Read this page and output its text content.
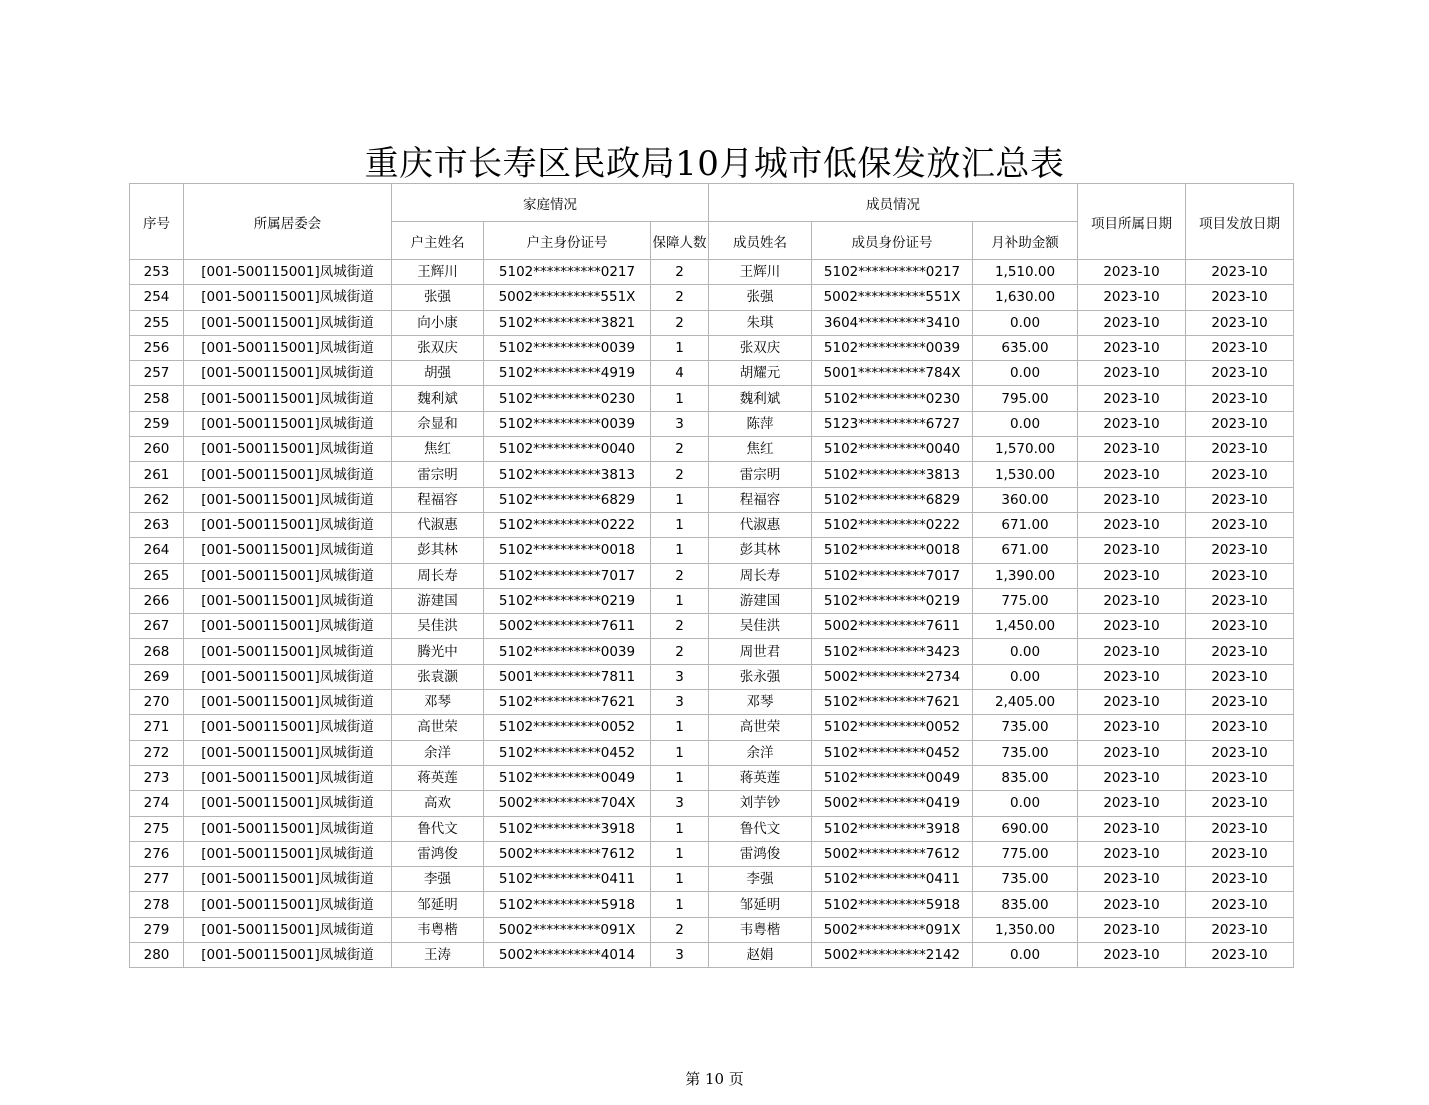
重庆市长寿区民政局10月城市低保发放汇总表
序号	所属居委会	家庭情况			成员情况			项目所属日期	项目发放日期
		户主姓名	户主身份证号	保障人数	成员姓名	成员身份证号	月补助金额		
253	[001-500115001]凤城街道	王辉川	5102**********0217	2	王辉川	5102**********0217	1,510.00	2023-10	2023-10
254	[001-500115001]凤城街道	张强	5002**********551X	2	张强	5002**********551X	1,630.00	2023-10	2023-10
255	[001-500115001]凤城街道	向小康	5102**********3821	2	朱琪	3604**********3410	0.00	2023-10	2023-10
256	[001-500115001]凤城街道	张双庆	5102**********0039	1	张双庆	5102**********0039	635.00	2023-10	2023-10
257	[001-500115001]凤城街道	胡强	5102**********4919	4	胡耀元	5001**********784X	0.00	2023-10	2023-10
258	[001-500115001]凤城街道	魏利斌	5102**********0230	1	魏利斌	5102**********0230	795.00	2023-10	2023-10
259	[001-500115001]凤城街道	佘显和	5102**********0039	3	陈萍	5123**********6727	0.00	2023-10	2023-10
260	[001-500115001]凤城街道	焦红	5102**********0040	2	焦红	5102**********0040	1,570.00	2023-10	2023-10
261	[001-500115001]凤城街道	雷宗明	5102**********3813	2	雷宗明	5102**********3813	1,530.00	2023-10	2023-10
262	[001-500115001]凤城街道	程福容	5102**********6829	1	程福容	5102**********6829	360.00	2023-10	2023-10
263	[001-500115001]凤城街道	代淑惠	5102**********0222	1	代淑惠	5102**********0222	671.00	2023-10	2023-10
264	[001-500115001]凤城街道	彭其林	5102**********0018	1	彭其林	5102**********0018	671.00	2023-10	2023-10
265	[001-500115001]凤城街道	周长寿	5102**********7017	2	周长寿	5102**********7017	1,390.00	2023-10	2023-10
266	[001-500115001]凤城街道	游建国	5102**********0219	1	游建国	5102**********0219	775.00	2023-10	2023-10
267	[001-500115001]凤城街道	吴佳洪	5002**********7611	2	吴佳洪	5002**********7611	1,450.00	2023-10	2023-10
268	[001-500115001]凤城街道	腾光中	5102**********0039	2	周世君	5102**********3423	0.00	2023-10	2023-10
269	[001-500115001]凤城街道	张袁灏	5001**********7811	3	张永强	5002**********2734	0.00	2023-10	2023-10
270	[001-500115001]凤城街道	邓琴	5102**********7621	3	邓琴	5102**********7621	2,405.00	2023-10	2023-10
271	[001-500115001]凤城街道	高世荣	5102**********0052	1	高世荣	5102**********0052	735.00	2023-10	2023-10
272	[001-500115001]凤城街道	余洋	5102**********0452	1	余洋	5102**********0452	735.00	2023-10	2023-10
273	[001-500115001]凤城街道	蒋英莲	5102**********0049	1	蒋英莲	5102**********0049	835.00	2023-10	2023-10
274	[001-500115001]凤城街道	高欢	5002**********704X	3	刘芋钞	5002**********0419	0.00	2023-10	2023-10
275	[001-500115001]凤城街道	鲁代文	5102**********3918	1	鲁代文	5102**********3918	690.00	2023-10	2023-10
276	[001-500115001]凤城街道	雷鸿俊	5002**********7612	1	雷鸿俊	5002**********7612	775.00	2023-10	2023-10
277	[001-500115001]凤城街道	李强	5102**********0411	1	李强	5102**********0411	735.00	2023-10	2023-10
278	[001-500115001]凤城街道	邹延明	5102**********5918	1	邹延明	5102**********5918	835.00	2023-10	2023-10
279	[001-500115001]凤城街道	韦粤楷	5002**********091X	2	韦粤楷	5002**********091X	1,350.00	2023-10	2023-10
280	[001-500115001]凤城街道	王涛	5002**********4014	3	赵娟	5002**********2142	0.00	2023-10	2023-10
第 10 页
